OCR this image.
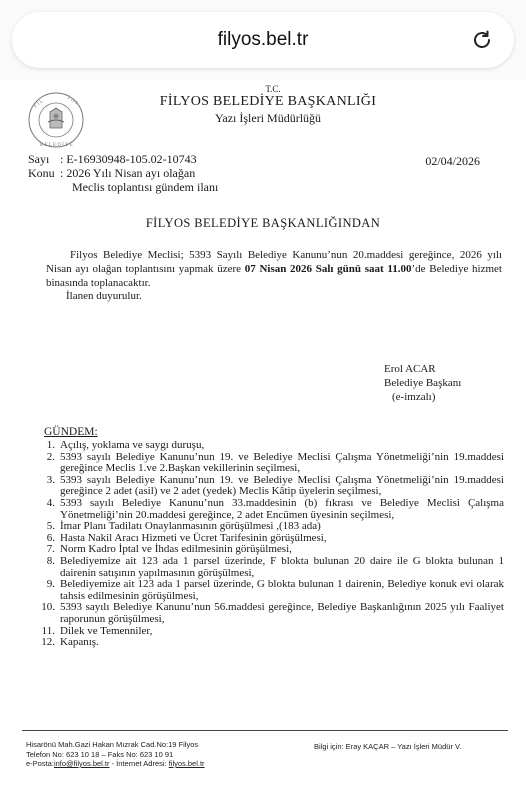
filyos.bel.tr
F İ L	Y O S
B E L E D İ Y E
T.C.
FİLYOS BELEDİYE BAŞKANLIĞI
Yazı İşleri Müdürlüğü
Sayı : E-16930948-105.02-10743
Konu : 2026 Yılı Nisan ayı olağan
Meclis toplantısı gündem ilanı
02/04/2026
FİLYOS BELEDİYE BAŞKANLIĞINDAN

Filyos Belediye Meclisi; 5393 Sayılı Belediye Kanunu’nun 20.maddesi gereğince, 2026 yılı Nisan ayı olağan toplantısını yapmak üzere 07 Nisan 2026 Salı günü saat 11.00’de Belediye hizmet binasında toplanacaktır.

İlanen duyurulur.
Erol ACAR
Belediye Başkanı
(e-imzalı)
GÜNDEM:
1. Açılış, yoklama ve saygı duruşu,
2. 5393 sayılı Belediye Kanunu’nun 19. ve Belediye Meclisi Çalışma Yönetmeliği’nin 19.maddesi gereğince Meclis 1.ve 2.Başkan vekillerinin seçilmesi,
3. 5393 sayılı Belediye Kanunu’nun 19. ve Belediye Meclisi Çalışma Yönetmeliği’nin 19.maddesi gereğince 2 adet (asil) ve 2 adet (yedek) Meclis Kâtip üyelerin seçilmesi,
4. 5393 sayılı Belediye Kanunu’nun 33.maddesinin (b) fıkrası ve Belediye Meclisi Çalışma Yönetmeliği’nin 20.maddesi gereğince, 2 adet Encümen üyesinin seçilmesi,
5. İmar Planı Tadilatı Onaylanmasının görüşülmesi ,(183 ada)
6. Hasta Nakil Aracı Hizmeti ve Ücret Tarifesinin görüşülmesi,
7. Norm Kadro İptal ve İhdas edilmesinin görüşülmesi,
8. Belediyemize ait 123 ada 1 parsel üzerinde, F blokta bulunan 20 daire ile G blokta bulunan 1 dairenin satışının yapılmasının görüşülmesi,
9. Belediyemize ait 123 ada 1 parsel üzerinde, G blokta bulunan 1 dairenin, Belediye konuk evi olarak tahsis edilmesinin görüşülmesi,
10. 5393 sayılı Belediye Kanunu’nun 56.maddesi gereğince, Belediye Başkanlığının 2025 yılı Faaliyet raporunun görüşülmesi,
11. Dilek ve Temenniler,
12. Kapanış.
Hisarönü Mah.Gazi Hakan Mızrak Cad.No:19 Filyos
Telefon No: 623 10 18 – Faks No: 623 10 91
e-Posta:info@filyos.bel.tr - İnternet Adresi: filyos.bel.tr
Bilgi için: Eray KAÇAR – Yazı İşleri Müdür V.
